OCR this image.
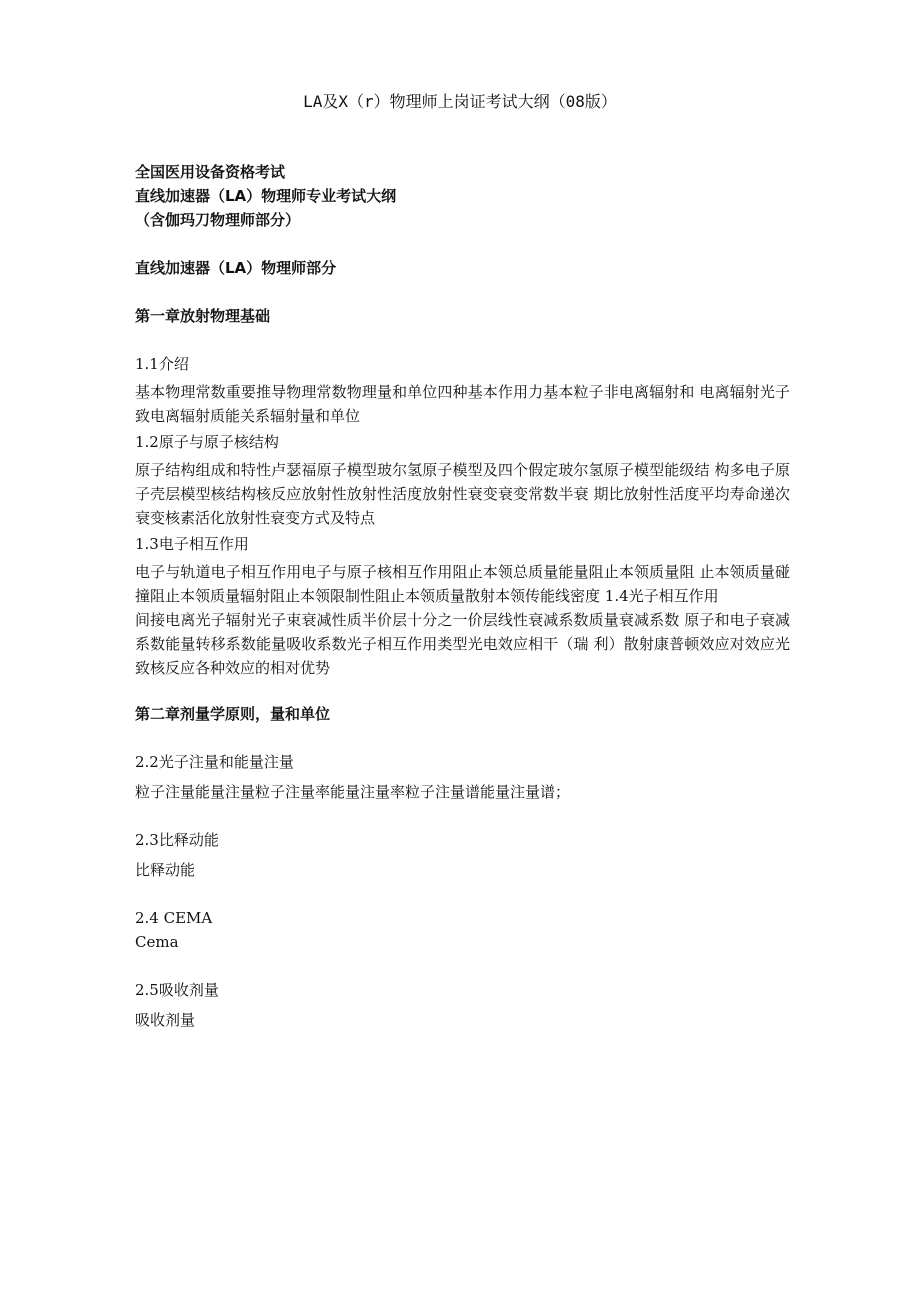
LA及X（r）物理师上岗证考试大纲（08版）
全国医用设备资格考试
直线加速器（LA）物理师专业考试大纲
（含伽玛刀物理师部分）
直线加速器（LA）物理师部分
第一章放射物理基础
1.1介绍
基本物理常数重要推导物理常数物理量和单位四种基本作用力基本粒子非电离辐射和 电离辐射光子致电离辐射质能关系辐射量和单位
1.2原子与原子核结构
原子结构组成和特性卢瑟福原子模型玻尔氢原子模型及四个假定玻尔氢原子模型能级结 构多电子原子壳层模型核结构核反应放射性放射性活度放射性衰变衰变常数半衰 期比放射性活度平均寿命递次衰变核素活化放射性衰变方式及特点
1.3电子相互作用
电子与轨道电子相互作用电子与原子核相互作用阻止本领总质量能量阻止本领质量阻 止本领质量碰撞阻止本领质量辐射阻止本领限制性阻止本领质量散射本领传能线密度 1.4光子相互作用
间接电离光子辐射光子束衰减性质半价层十分之一价层线性衰减系数质量衰减系数 原子和电子衰减系数能量转移系数能量吸收系数光子相互作用类型光电效应相干（瑞 利）散射康普顿效应对效应光致核反应各种效应的相对优势
第二章剂量学原则，量和单位
2.2光子注量和能量注量
粒子注量能量注量粒子注量率能量注量率粒子注量谱能量注量谱；
2.3比释动能
比释动能
2.4 CEMA
Cema
2.5吸收剂量
吸收剂量
